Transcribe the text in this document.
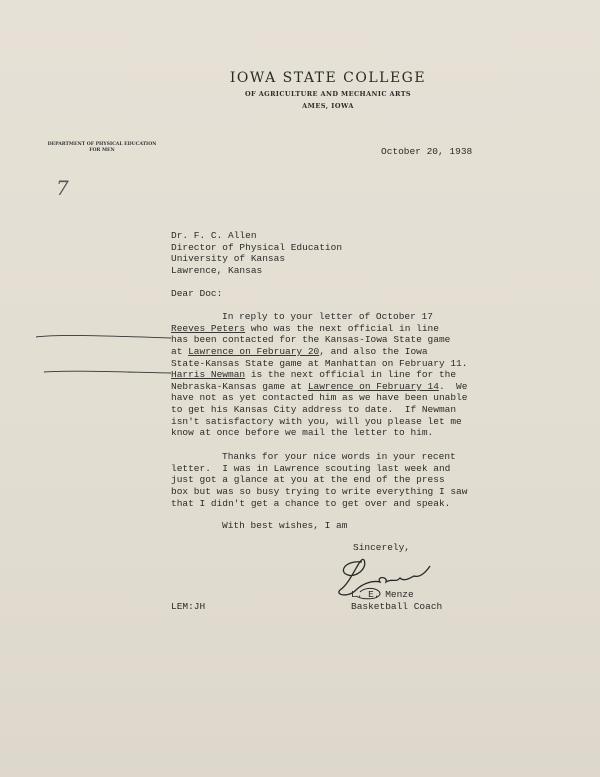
IOWA STATE COLLEGE
OF AGRICULTURE AND MECHANIC ARTS
AMES, IOWA
DEPARTMENT OF PHYSICAL EDUCATION
FOR MEN	October 20, 1938
7
Dr. F. C. Allen
Director of Physical Education
University of Kansas
Lawrence, Kansas
Dear Doc:
In reply to your letter of October 17
Reeves Peters who was the next official in line
has been contacted for the Kansas-Iowa State game
at Lawrence on February 20, and also the Iowa
State-Kansas State game at Manhattan on February 11.
Harris Newman is the next official in line for the
Nebraska-Kansas game at Lawrence on February 14.  We
have not as yet contacted him as we have been unable
to get his Kansas City address to date.  If Newman
isn't satisfactory with you, will you please let me
know at once before we mail the letter to him.
Thanks for your nice words in your recent
letter.  I was in Lawrence scouting last week and
just got a glance at you at the end of the press
box but was so busy trying to write everything I saw
that I didn't get a chance to get over and speak.
With best wishes, I am
Sincerely,
L. E. Menze
Basketball Coach
LEM:JH
